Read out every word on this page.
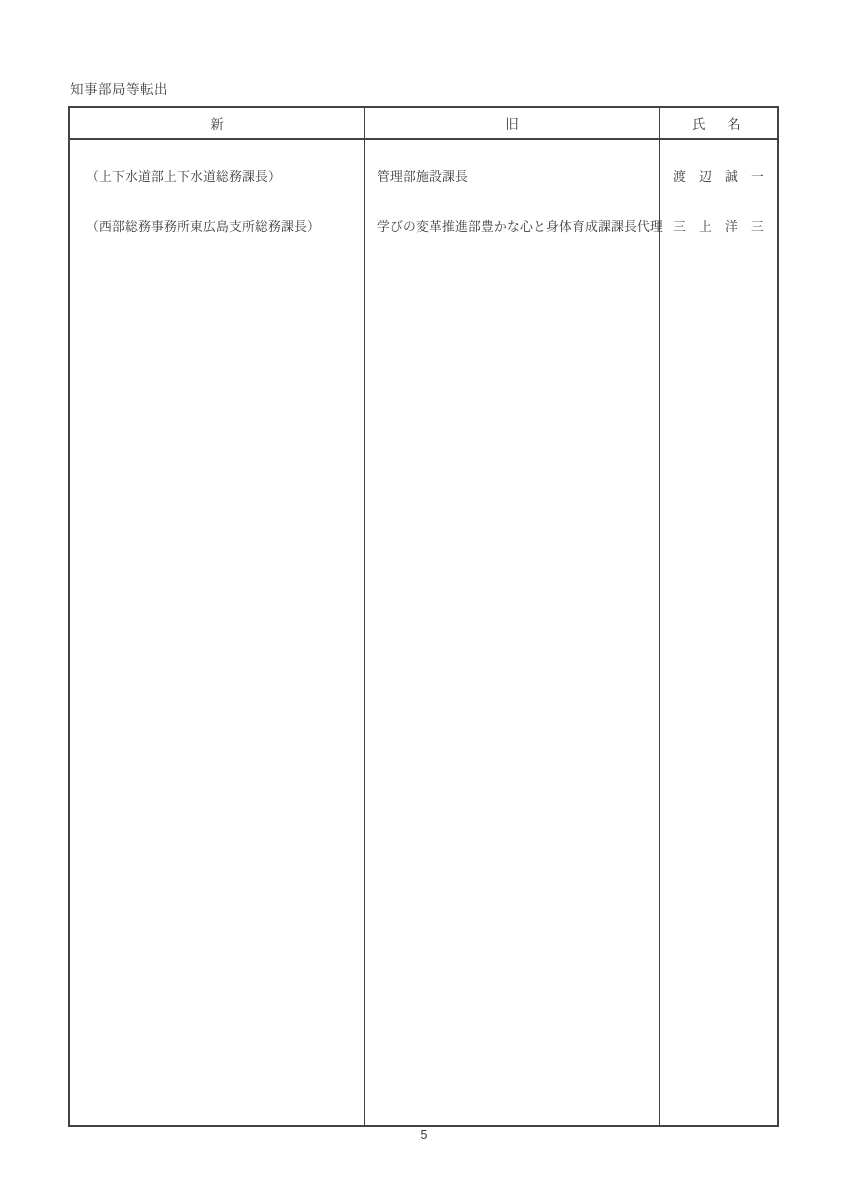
知事部局等転出
新	旧	氏　名
（上下水道部上下水道総務課長）
（西部総務事務所東広島支所総務課長）
管理部施設課長
学びの変革推進部豊かな心と身体育成課課長代理
渡　辺　誠　一
三　上　洋　三
5
